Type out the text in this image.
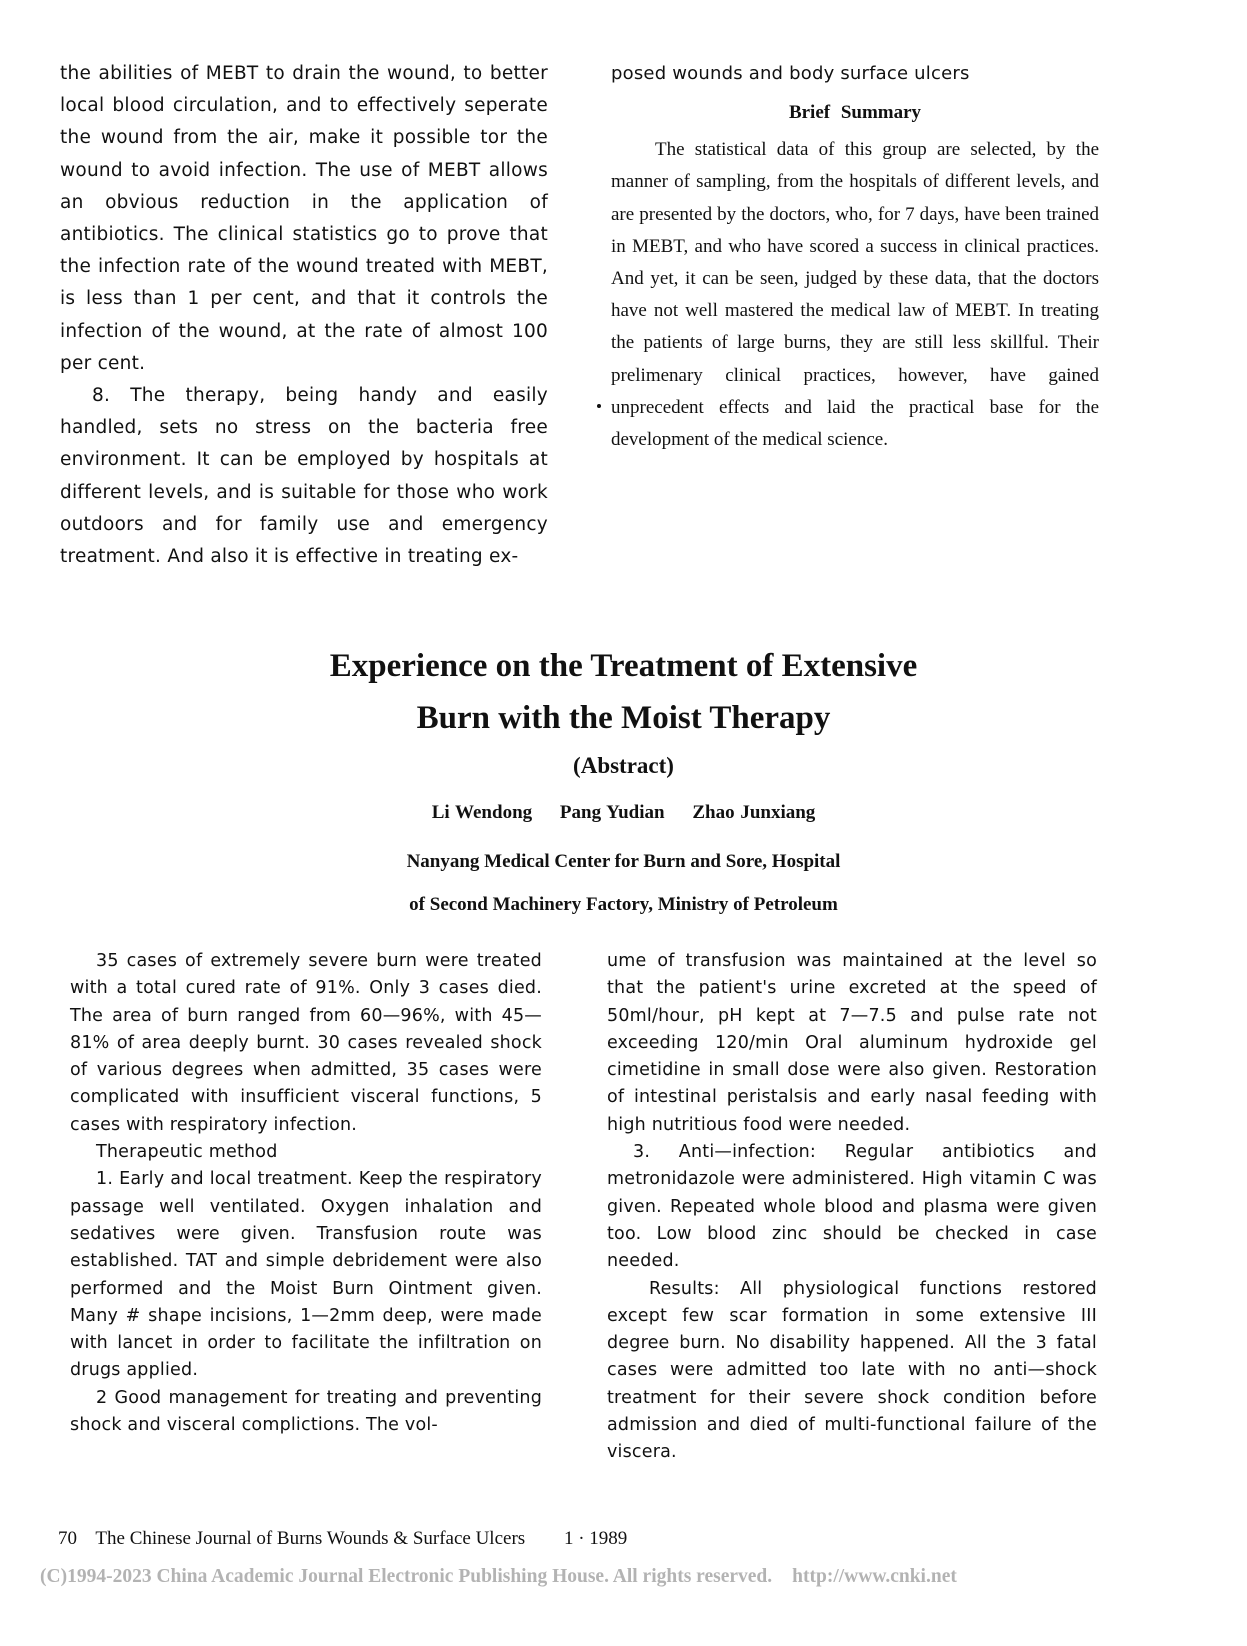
the abilities of MEBT to drain the wound, to better local blood circulation, and to effectively seperate the wound from the air, make it possible tor the wound to avoid infection. The use of MEBT allows an obvious reduction in the application of antibiotics. The clinical statistics go to prove that the infection rate of the wound treated with MEBT, is less than 1 per cent, and that it controls the infection of the wound, at the rate of almost 100 per cent.

8. The therapy, being handy and easily handled, sets no stress on the bacteria free environment. It can be employed by hospitals at different levels, and is suitable for those who work outdoors and for family use and emergency treatment. And also it is effective in treating ex-

posed wounds and body surface ulcers

Brief Summary

The statistical data of this group are selected, by the manner of sampling, from the hospitals of different levels, and are presented by the doctors, who, for 7 days, have been trained in MEBT, and who have scored a success in clinical practices. And yet, it can be seen, judged by these data, that the doctors have not well mastered the medical law of MEBT. In treating the patients of large burns, they are still less skillful. Their prelimenary clinical practices, however, have gained unprecedent effects and laid the practical base for the development of the medical science.

Experience on the Treatment of Extensive
Burn with the Moist Therapy
(Abstract)
Li Wendong Pang Yudian Zhao Junxiang
Nanyang Medical Center for Burn and Sore, Hospital
of Second Machinery Factory, Ministry of Petroleum

35 cases of extremely severe burn were treated with a total cured rate of 91%. Only 3 cases died. The area of burn ranged from 60—96%, with 45—81% of area deeply burnt. 30 cases revealed shock of various degrees when admitted, 35 cases were complicated with insufficient visceral functions, 5 cases with respiratory infection.

Therapeutic method

1. Early and local treatment. Keep the respiratory passage well ventilated. Oxygen inhalation and sedatives were given. Transfusion route was established. TAT and simple debridement were also performed and the Moist Burn Ointment given. Many # shape incisions, 1—2mm deep, were made with lancet in order to facilitate the infiltration on drugs applied.

2 Good management for treating and preventing shock and visceral complictions. The vol-

ume of transfusion was maintained at the level so that the patient's urine excreted at the speed of 50ml/hour, pH kept at 7—7.5 and pulse rate not exceeding 120/min Oral aluminum hydroxide gel cimetidine in small dose were also given. Restoration of intestinal peristalsis and early nasal feeding with high nutritious food were needed.

3. Anti—infection: Regular antibiotics and metronidazole were administered. High vitamin C was given. Repeated whole blood and plasma were given too. Low blood zinc should be checked in case needed.

Results: All physiological functions restored except few scar formation in some extensive III degree burn. No disability happened. All the 3 fatal cases were admitted too late with no anti—shock treatment for their severe shock condition before admission and died of multi-functional failure of the viscera.

70 The Chinese Journal of Burns Wounds & Surface Ulcers 1 · 1989
(C)1994-2023 China Academic Journal Electronic Publishing House. All rights reserved. http://www.cnki.net
